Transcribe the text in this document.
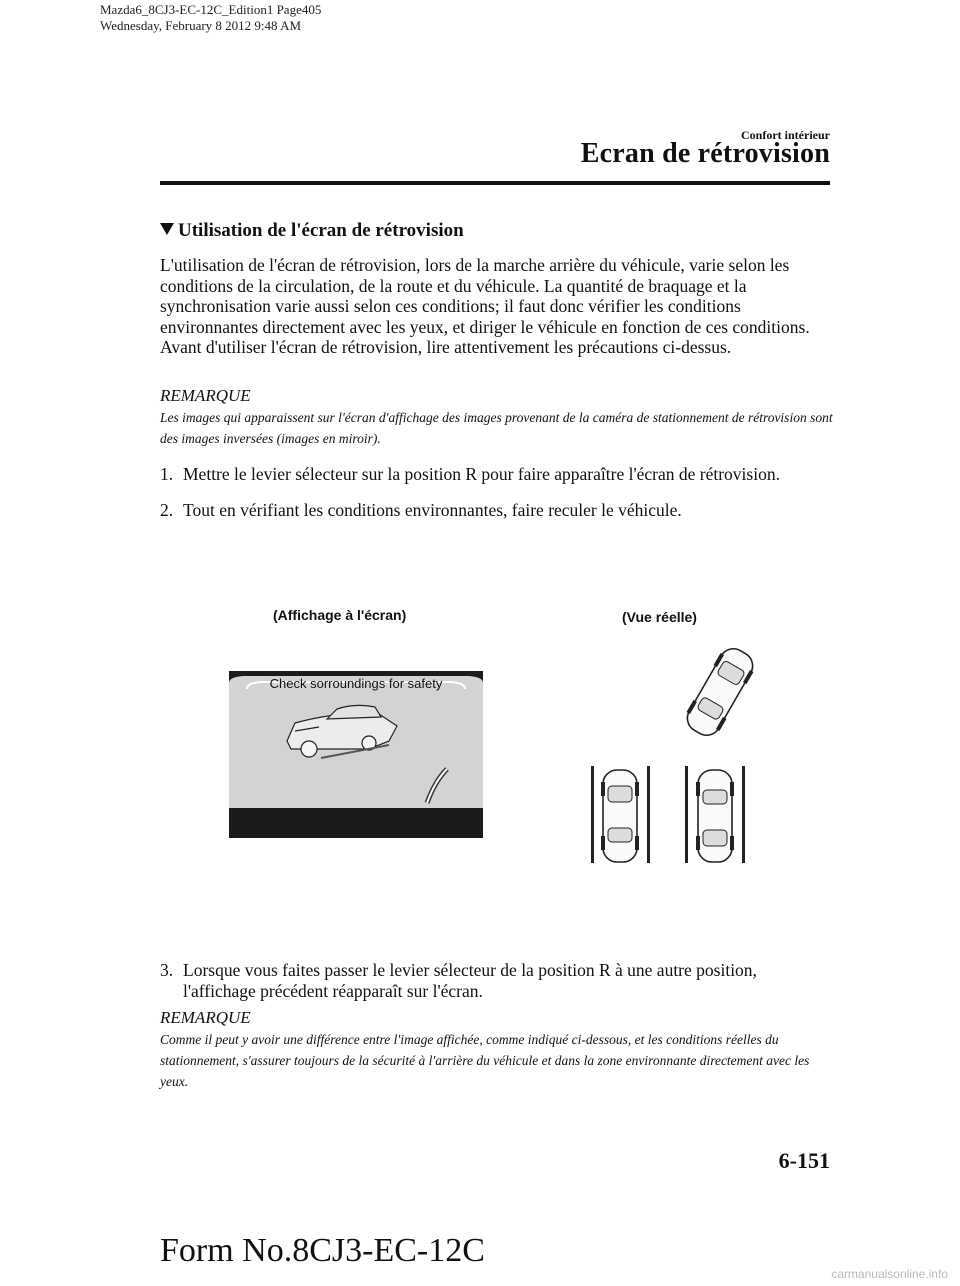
Mazda6_8CJ3-EC-12C_Edition1 Page405
Wednesday, February 8 2012 9:48 AM
Confort intérieur
Ecran de rétrovision
Utilisation de l'écran de rétrovision

L'utilisation de l'écran de rétrovision, lors de la marche arrière du véhicule, varie selon les conditions de la circulation, de la route et du véhicule. La quantité de braquage et la synchronisation varie aussi selon ces conditions; il faut donc vérifier les conditions environnantes directement avec les yeux, et diriger le véhicule en fonction de ces conditions.

Avant d'utiliser l'écran de rétrovision, lire attentivement les précautions ci-dessus.

REMARQUE
Les images qui apparaissent sur l'écran d'affichage des images provenant de la caméra de stationnement de rétrovision sont des images inversées (images en miroir).
1. Mettre le levier sélecteur sur la position R pour faire apparaître l'écran de rétrovision.
2. Tout en vérifiant les conditions environnantes, faire reculer le véhicule.
(Affichage à l'écran)	(Vue réelle)
Check sorroundings for safety
3. Lorsque vous faites passer le levier sélecteur de la position R à une autre position,
l'affichage précédent réapparaît sur l'écran.
REMARQUE
Comme il peut y avoir une différence entre l'image affichée, comme indiqué ci-dessous, et les conditions réelles du stationnement, s'assurer toujours de la sécurité à l'arrière du véhicule et dans la zone environnante directement avec les yeux.
6-151
Form No.8CJ3-EC-12C
carmanualsonline.info
